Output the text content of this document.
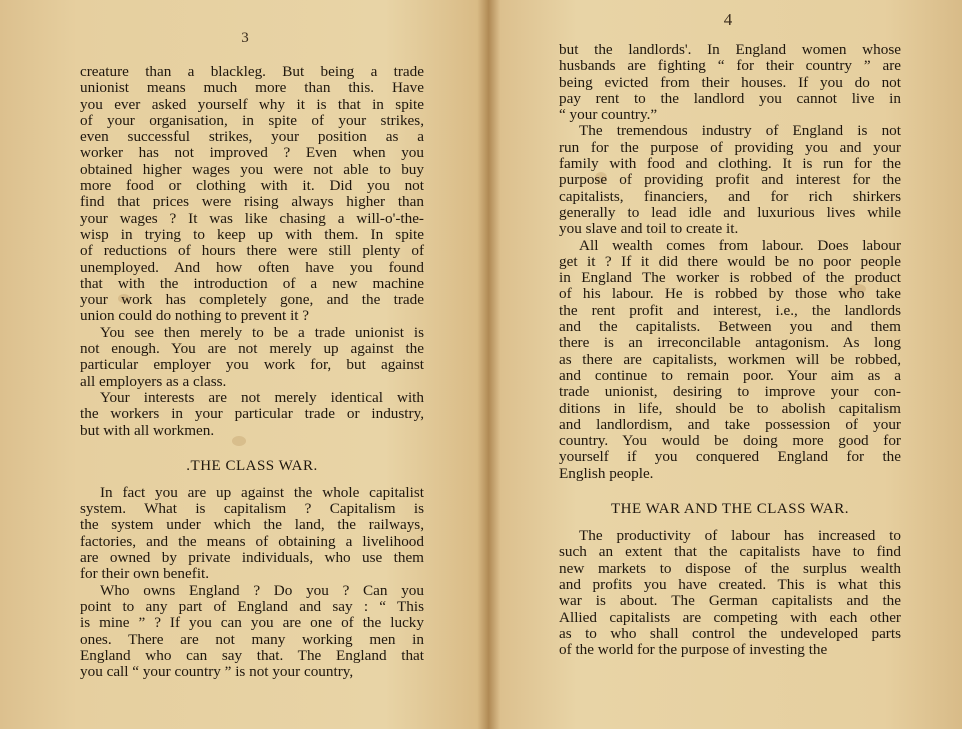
3
creature than a blackleg. But being a trade
unionist means much more than this. Have
you ever asked yourself why it is that in spite
of your organisation, in spite of your strikes,
even successful strikes, your position as a
worker has not improved ? Even when you
obtained higher wages you were not able to buy
more food or clothing with it. Did you not
find that prices were rising always higher than
your wages ? It was like chasing a will-o'-the-
wisp in trying to keep up with them. In spite
of reductions of hours there were still plenty of
unemployed. And how often have you found
that with the introduction of a new machine
your work has completely gone, and the trade
union could do nothing to prevent it ?
You see then merely to be a trade unionist is
not enough. You are not merely up against the
particular employer you work for, but against
all employers as a class.
Your interests are not merely identical with
the workers in your particular trade or industry,
but with all workmen.
.THE CLASS WAR.
In fact you are up against the whole capitalist
system. What is capitalism ? Capitalism is
the system under which the land, the railways,
factories, and the means of obtaining a livelihood
are owned by private individuals, who use them
for their own benefit.
Who owns England ? Do you ? Can you
point to any part of England and say : “ This
is mine ” ? If you can you are one of the lucky
ones. There are not many working men in
England who can say that. The England that
you call “ your country ” is not your country,
4
but the landlords'. In England women whose
husbands are fighting “ for their country ” are
being evicted from their houses. If you do not
pay rent to the landlord you cannot live in
“ your country.”
The tremendous industry of England is not
run for the purpose of providing you and your
family with food and clothing. It is run for the
purpose of providing profit and interest for the
capitalists, financiers, and for rich shirkers
generally to lead idle and luxurious lives while
you slave and toil to create it.
All wealth comes from labour. Does labour
get it ? If it did there would be no poor people
in England The worker is robbed of the product
of his labour. He is robbed by those who take
the rent profit and interest, i.e., the landlords
and the capitalists. Between you and them
there is an irreconcilable antagonism. As long
as there are capitalists, workmen will be robbed,
and continue to remain poor. Your aim as a
trade unionist, desiring to improve your con-
ditions in life, should be to abolish capitalism
and landlordism, and take possession of your
country. You would be doing more good for
yourself if you conquered England for the
English people.
THE WAR AND THE CLASS WAR.
The productivity of labour has increased to
such an extent that the capitalists have to find
new markets to dispose of the surplus wealth
and profits you have created. This is what this
war is about. The German capitalists and the
Allied capitalists are competing with each other
as to who shall control the undeveloped parts
of the world for the purpose of investing the
